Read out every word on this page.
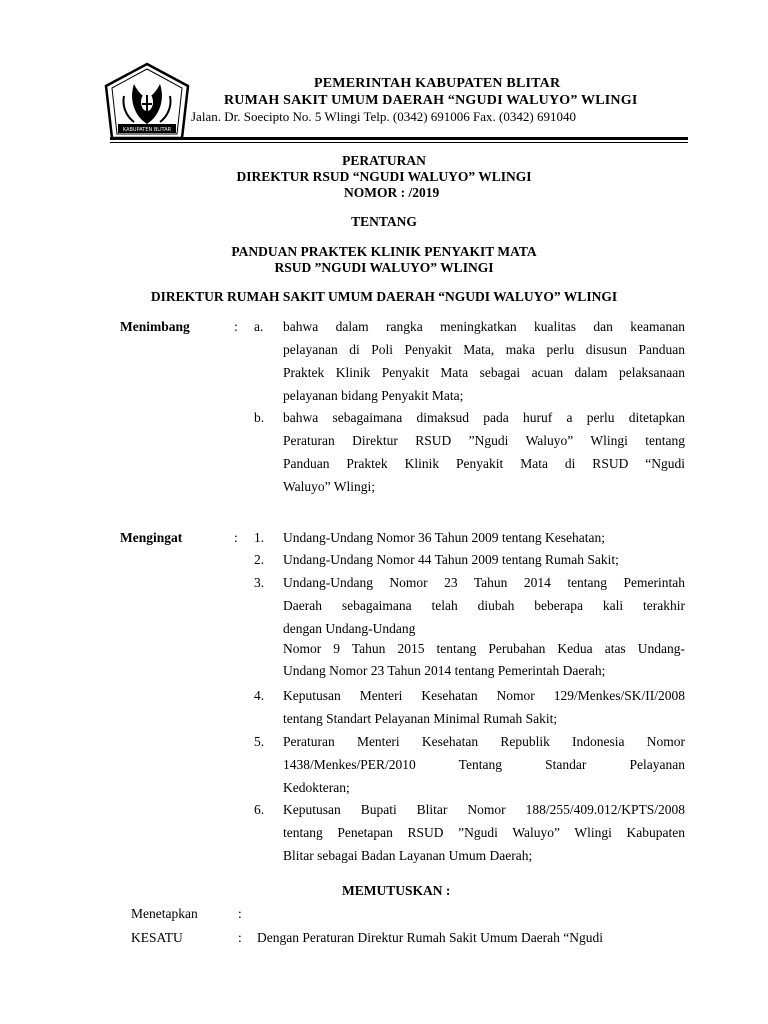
KABUPATEN BLITAR
PEMERINTAH KABUPATEN BLITAR
RUMAH SAKIT UMUM DAERAH “NGUDI WALUYO” WLINGI
Jalan. Dr. Soecipto No. 5 Wlingi Telp. (0342) 691006 Fax. (0342) 691040
PERATURAN
DIREKTUR RSUD “NGUDI WALUYO” WLINGI
NOMOR : /2019
TENTANG
PANDUAN PRAKTEK KLINIK PENYAKIT MATA
RSUD ”NGUDI WALUYO” WLINGI
DIREKTUR RUMAH SAKIT UMUM DAERAH “NGUDI WALUYO” WLINGI
Menimbang	: a. bahwa dalam rangka meningkatkan kualitas dan keamanan
pelayanan di Poli Penyakit Mata, maka perlu disusun Panduan
Praktek Klinik Penyakit Mata sebagai acuan dalam pelaksanaan
pelayanan bidang Penyakit Mata;
b. bahwa sebagaimana dimaksud pada huruf a perlu ditetapkan
Peraturan Direktur RSUD ”Ngudi Waluyo” Wlingi tentang
Panduan Praktek Klinik Penyakit Mata di RSUD “Ngudi
Waluyo” Wlingi;
Mengingat	: 1. Undang-Undang Nomor 36 Tahun 2009 tentang Kesehatan;
2. Undang-Undang Nomor 44 Tahun 2009 tentang Rumah Sakit;
3. Undang-Undang Nomor 23 Tahun 2014 tentang Pemerintah
Daerah sebagaimana telah diubah beberapa kali terakhir
dengan Undang-Undang
Nomor 9 Tahun 2015 tentang Perubahan Kedua atas Undang-
Undang Nomor 23 Tahun 2014 tentang Pemerintah Daerah;
4. Keputusan Menteri Kesehatan Nomor 129/Menkes/SK/II/2008
tentang Standart Pelayanan Minimal Rumah Sakit;
5. Peraturan Menteri Kesehatan Republik Indonesia Nomor
1438/Menkes/PER/2010 Tentang Standar Pelayanan
Kedokteran;
6. Keputusan Bupati Blitar Nomor 188/255/409.012/KPTS/2008
tentang Penetapan RSUD ”Ngudi Waluyo” Wlingi Kabupaten
Blitar sebagai Badan Layanan Umum Daerah;
MEMUTUSKAN :
Menetapkan	:
KESATU	: Dengan Peraturan Direktur Rumah Sakit Umum Daerah “Ngudi
